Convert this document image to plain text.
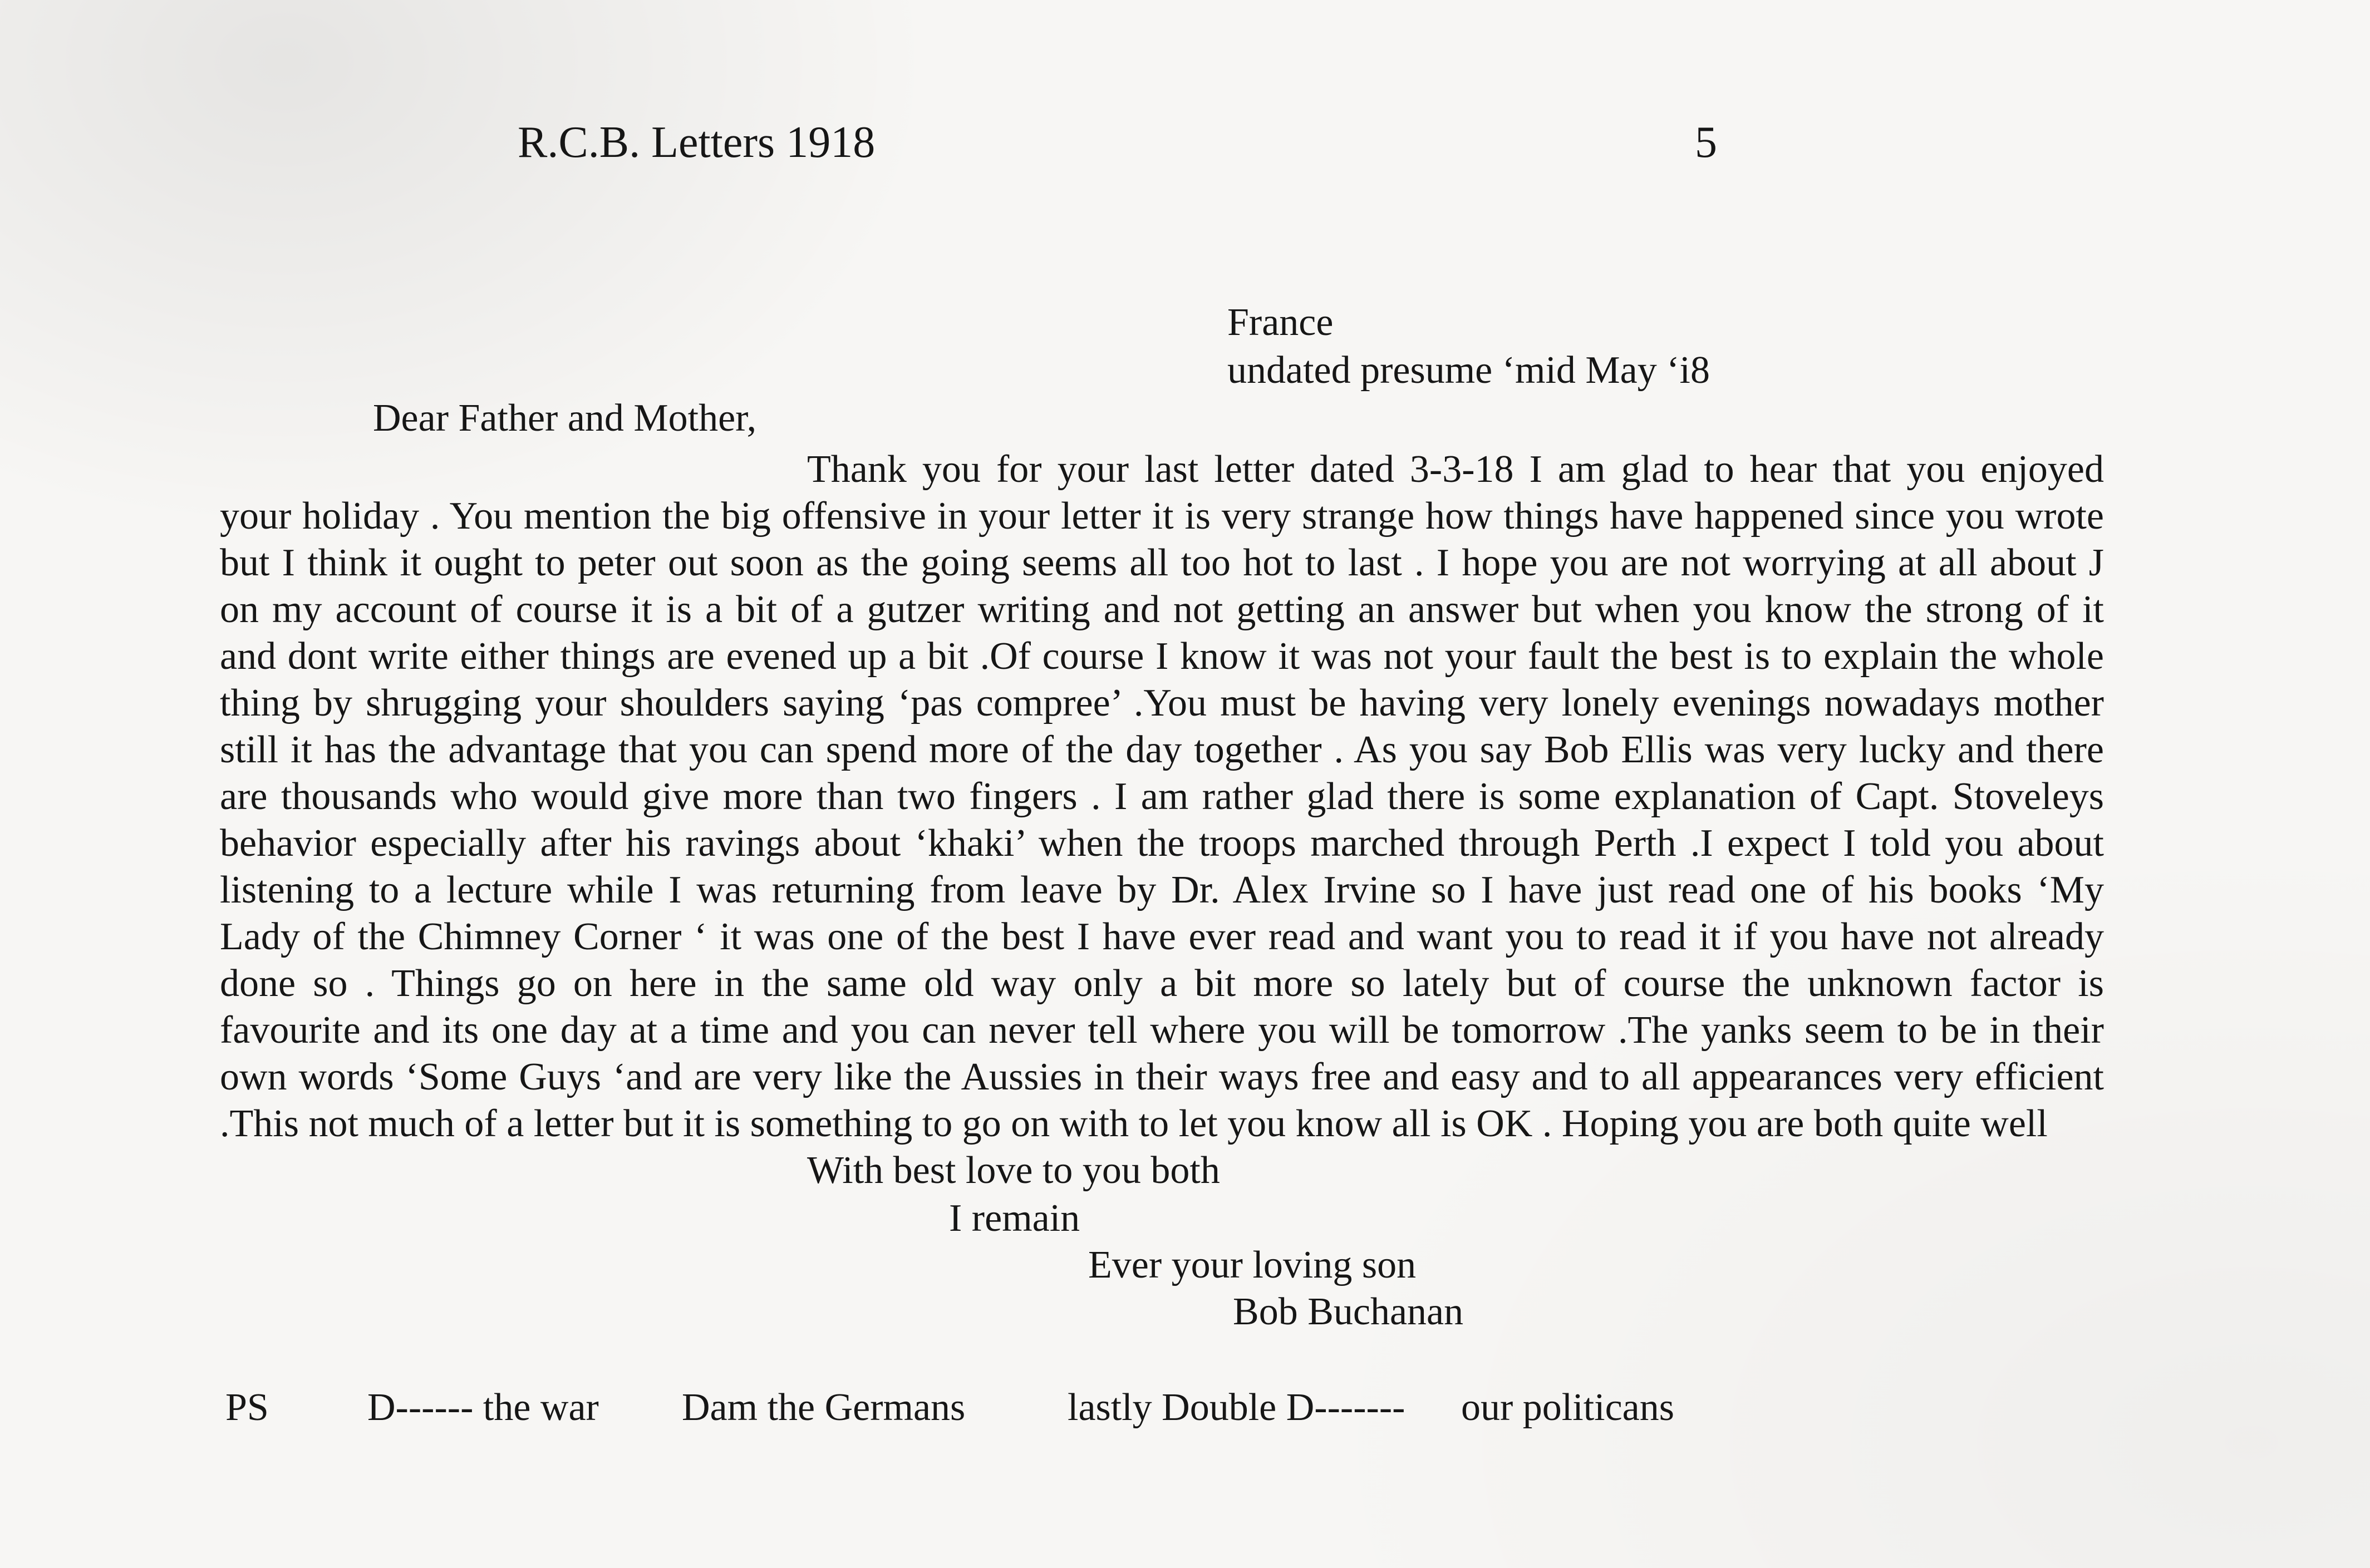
R.C.B. Letters 1918	5
France
undated presume ‘mid May ‘i8
Dear Father and Mother,
Thank you for your last letter dated 3-3-18 I am glad to hear that you enjoyed
your holiday . You mention the big offensive in your letter it is very strange how things have happened since you wrote
but I think it ought to peter out soon as the going seems all too hot to last . I hope you are not worrying at all about J
on my account of course it is a bit of a gutzer writing and not getting an answer but when you know the strong of it
and dont write either things are evened up a bit .Of course I know it was not your fault the best is to explain the whole
thing by shrugging your shoulders saying ‘pas compree’ .You must be having very lonely evenings nowadays mother
still it has the advantage that you can spend more of the day together . As you say Bob Ellis was very lucky and there
are thousands who would give more than two fingers . I am rather glad there is some explanation of Capt. Stoveleys
behavior especially after his ravings about ‘khaki’ when the troops marched through Perth .I expect I told you about
listening to a lecture while I was returning from leave by Dr. Alex Irvine so I have just read one of his books ‘My
Lady of the Chimney Corner ‘ it was one of the best I have ever read and want you to read it if you have not already
done so . Things go on here in the same old way only a bit more so lately but of course the unknown factor is
favourite and its one day at a time and you can never tell where you will be tomorrow .The yanks seem to be in their
own words ‘Some Guys ‘and are very like the Aussies in their ways free and easy and to all appearances very efficient
.This not much of a letter but it is something to go on with to let you know all is OK . Hoping you are both quite well
With best love to you both
I remain
Ever your loving son
Bob Buchanan
PS	D------ the war Dam the Germans	lastly Double D------- our politicans
